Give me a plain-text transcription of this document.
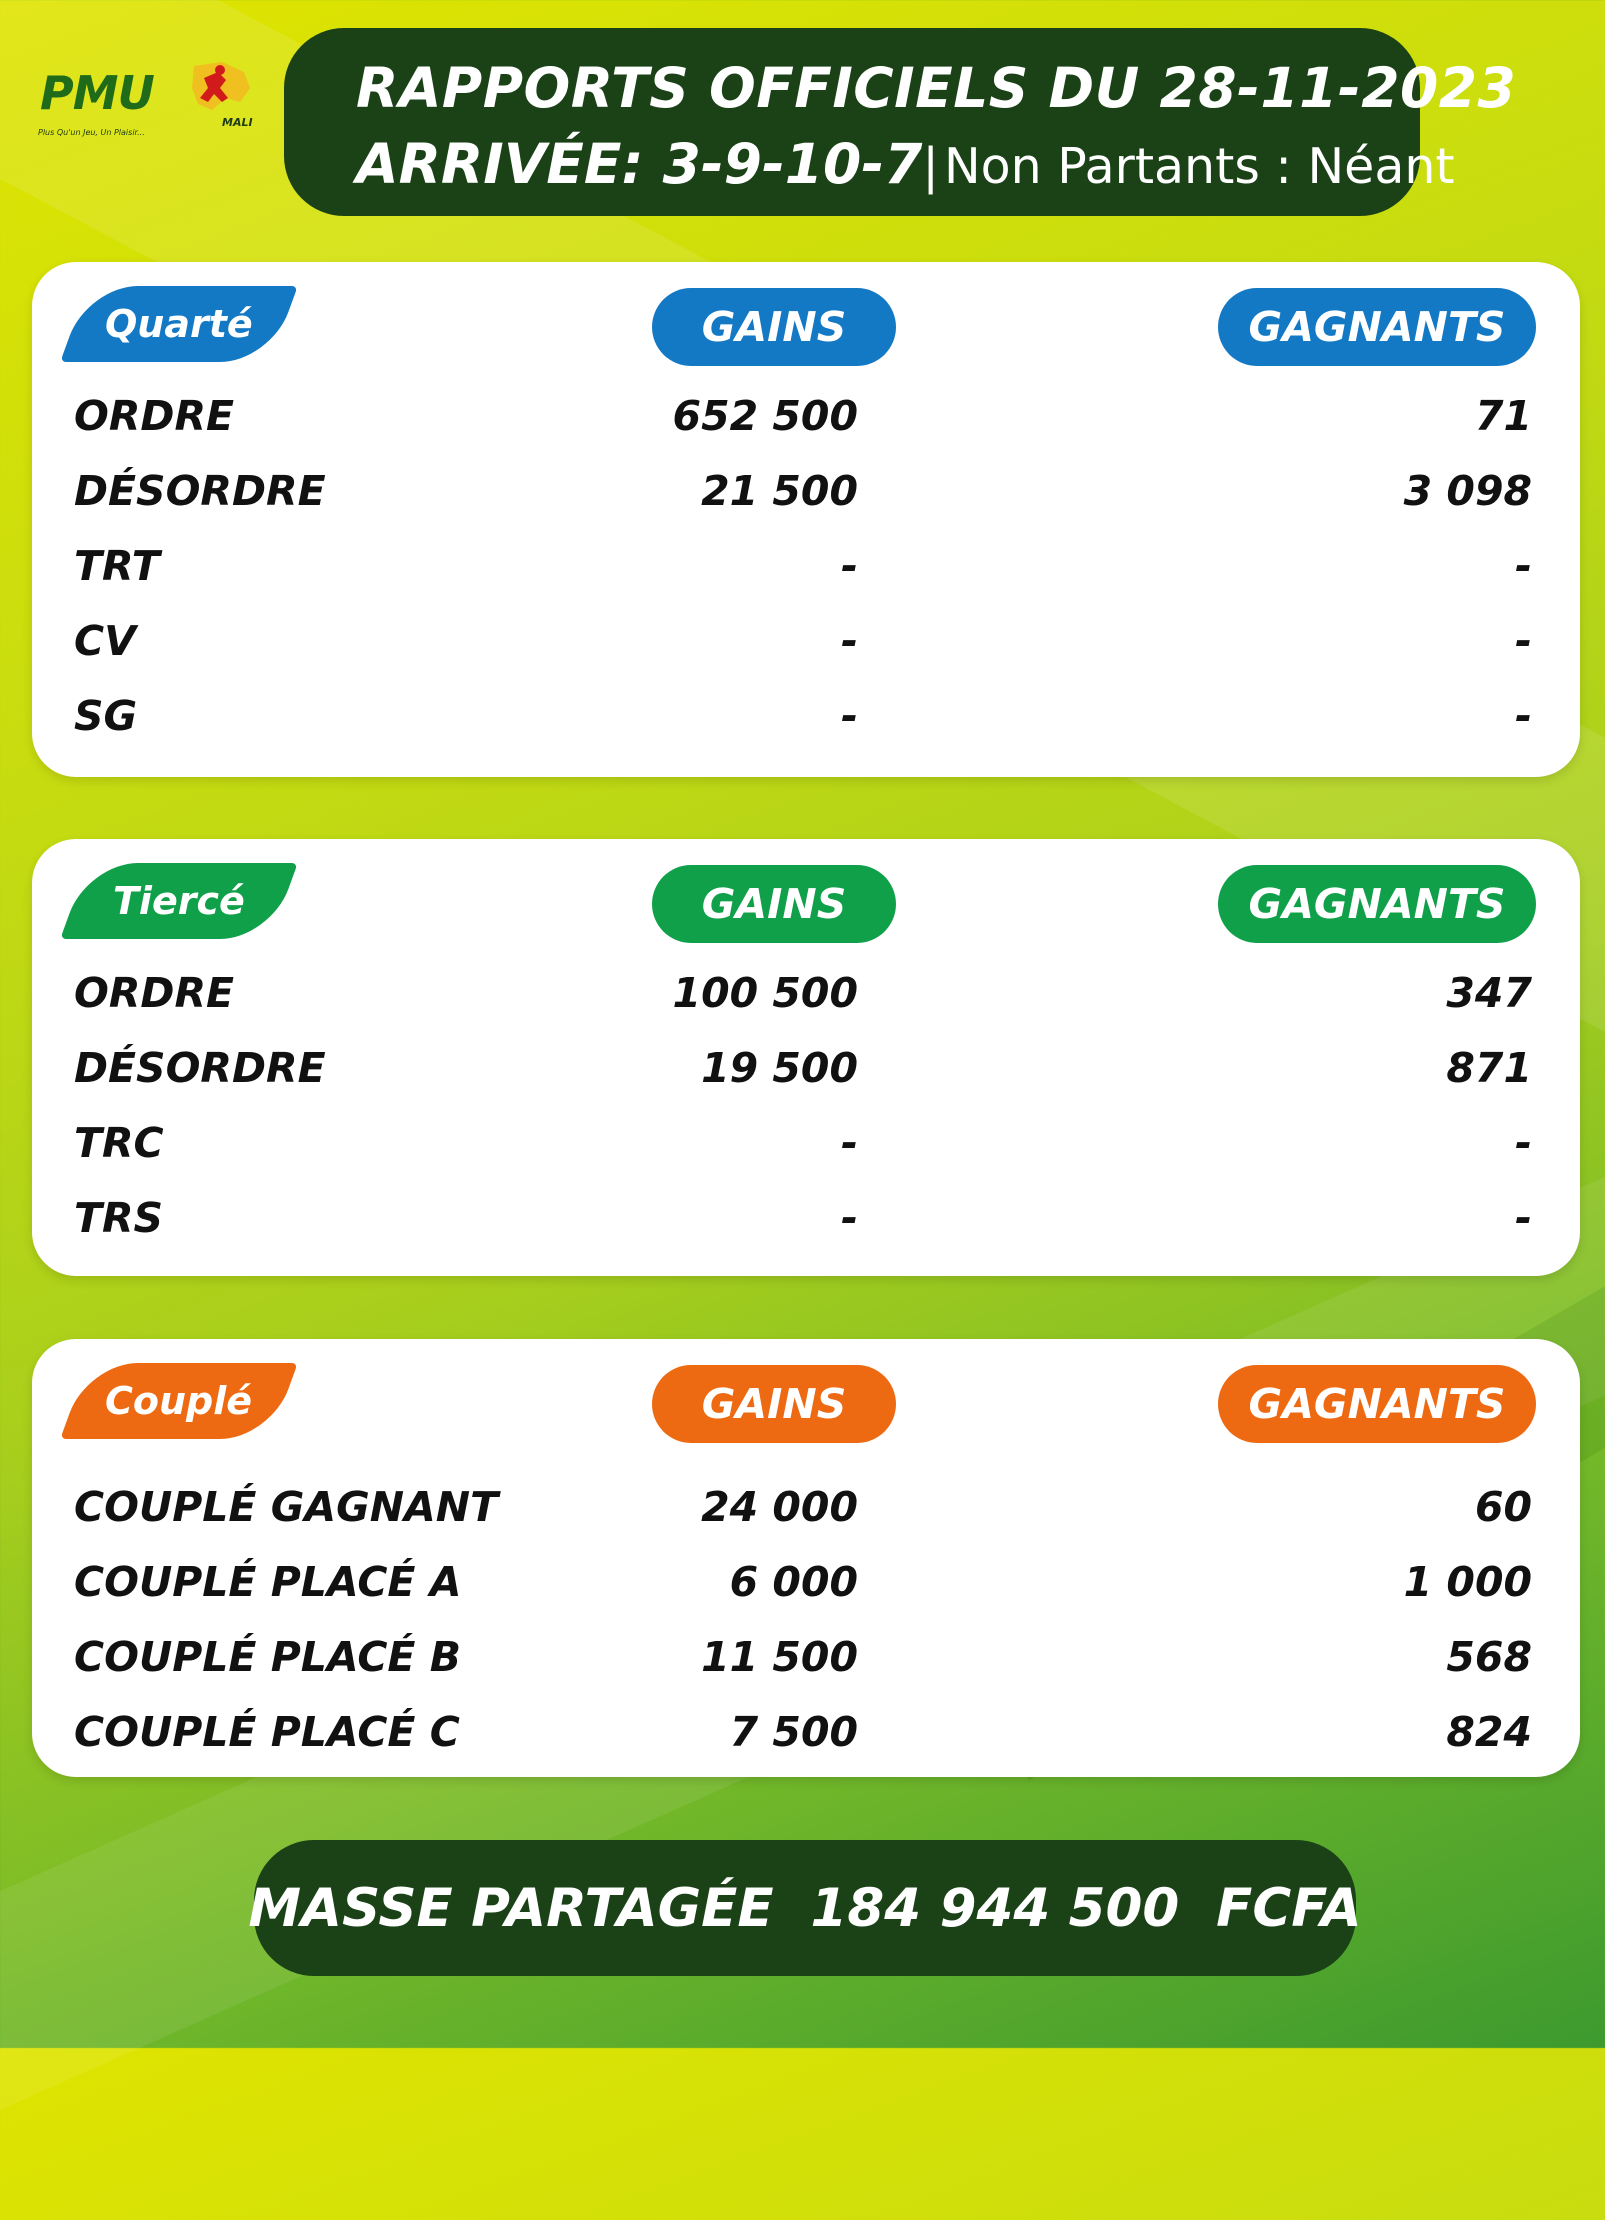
PMU
MALI
Plus Qu'un Jeu, Un Plaisir...
RAPPORTS OFFICIELS DU 28-11-2023
ARRIVÉE: 3-9-10-7| Non Partants : Néant
Quarté	GAINS	GAGNANTS
ORDRE	652 500	71
DÉSORDRE	21 500	3 098
TRT	-	-
CV	-	-
SG	-	-
Tiercé	GAINS	GAGNANTS
ORDRE	100 500	347
DÉSORDRE	19 500	871
TRC	-	-
TRS	-	-
Couplé	GAINS	GAGNANTS
COUPLÉ GAGNANT	24 000	60
COUPLÉ PLACÉ A	6 000	1 000
COUPLÉ PLACÉ B	11 500	568
COUPLÉ PLACÉ C	7 500	824
MASSE PARTAGÉE  184 944 500  FCFA
